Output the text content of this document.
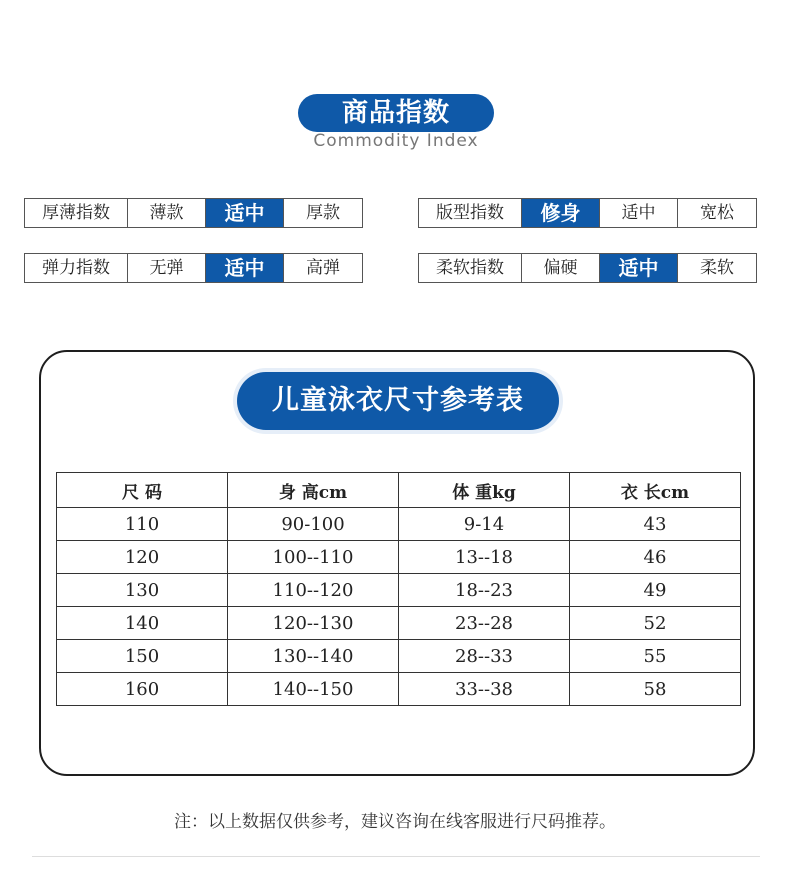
商品指数
Commodity Index
厚薄指数	薄款	适中	厚款	版型指数	修身	适中	宽松
弹力指数	无弹	适中	高弹	柔软指数	偏硬	适中	柔软
儿童泳衣尺寸参考表
尺 码	身 高cm	体 重kg	衣 长cm
110	90-100	9-14	43
120	100--110	13--18	46
130	110--120	18--23	49
140	120--130	23--28	52
150	130--140	28--33	55
160	140--150	33--38	58
注：以上数据仅供参考，建议咨询在线客服进行尺码推荐。
